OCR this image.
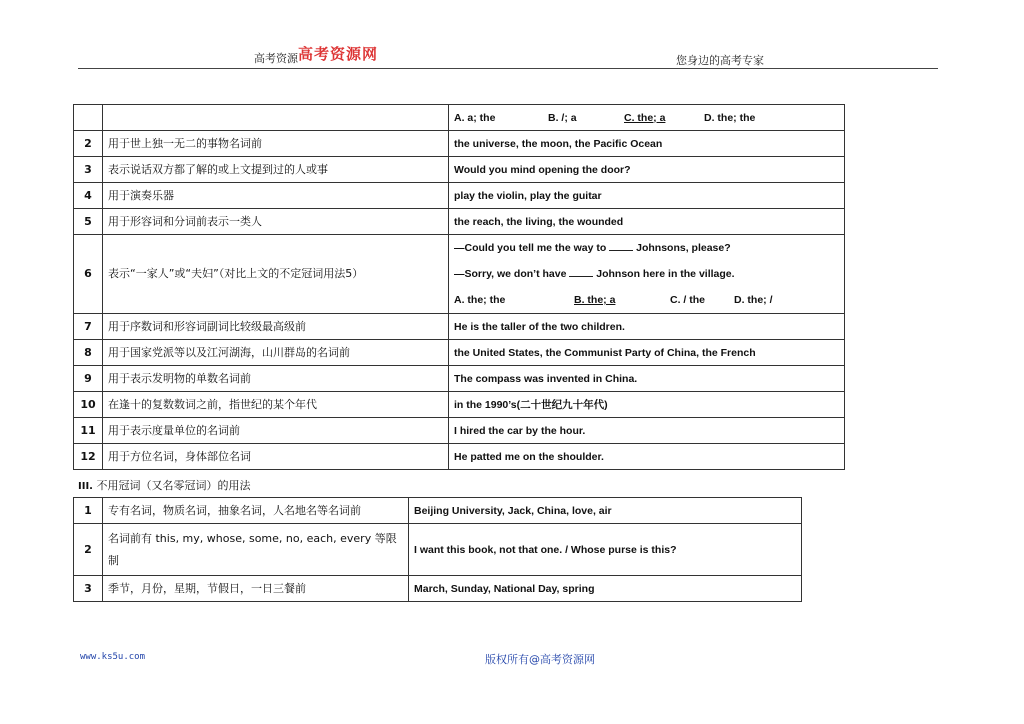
高考资源 高考资源网	您身边的高考专家
		A. a; the B. /; a C. the; a D. the; the
2	用于世上独一无二的事物名词前	the universe, the moon, the Pacific Ocean
3	表示说话双方都了解的或上文提到过的人或事	Would you mind opening the door?
4	用于演奏乐器	play the violin, play the guitar
5	用于形容词和分词前表示一类人	the reach, the living, the wounded
6	表示“一家人”或“夫妇”（对比上文的不定冠词用法5）	—Could you tell me the way to Johnsons, please?
—Sorry, we don’t have Johnson here in the village.
A. the; the B. the; a C. / the D. the; /

7	用于序数词和形容词副词比较级最高级前	He is the taller of the two children.
8	用于国家党派等以及江河湖海，山川群岛的名词前	the United States, the Communist Party of China, the French
9	用于表示发明物的单数名词前	The compass was invented in China.
10	在逢十的复数数词之前，指世纪的某个年代	in the 1990’s(二十世纪九十年代)
11	用于表示度量单位的名词前	I hired the car by the hour.
12	用于方位名词，身体部位名词	He patted me on the shoulder.
III. 不用冠词（又名零冠词）的用法
1	专有名词，物质名词，抽象名词，人名地名等名词前	Beijing University, Jack, China, love, air
2	名词前有 this, my, whose, some, no, each, every 等限制	I want this book, not that one. / Whose purse is this?
3	季节，月份，星期，节假日，一日三餐前	March, Sunday, National Day, spring
www.ks5u.com	版权所有@高考资源网
